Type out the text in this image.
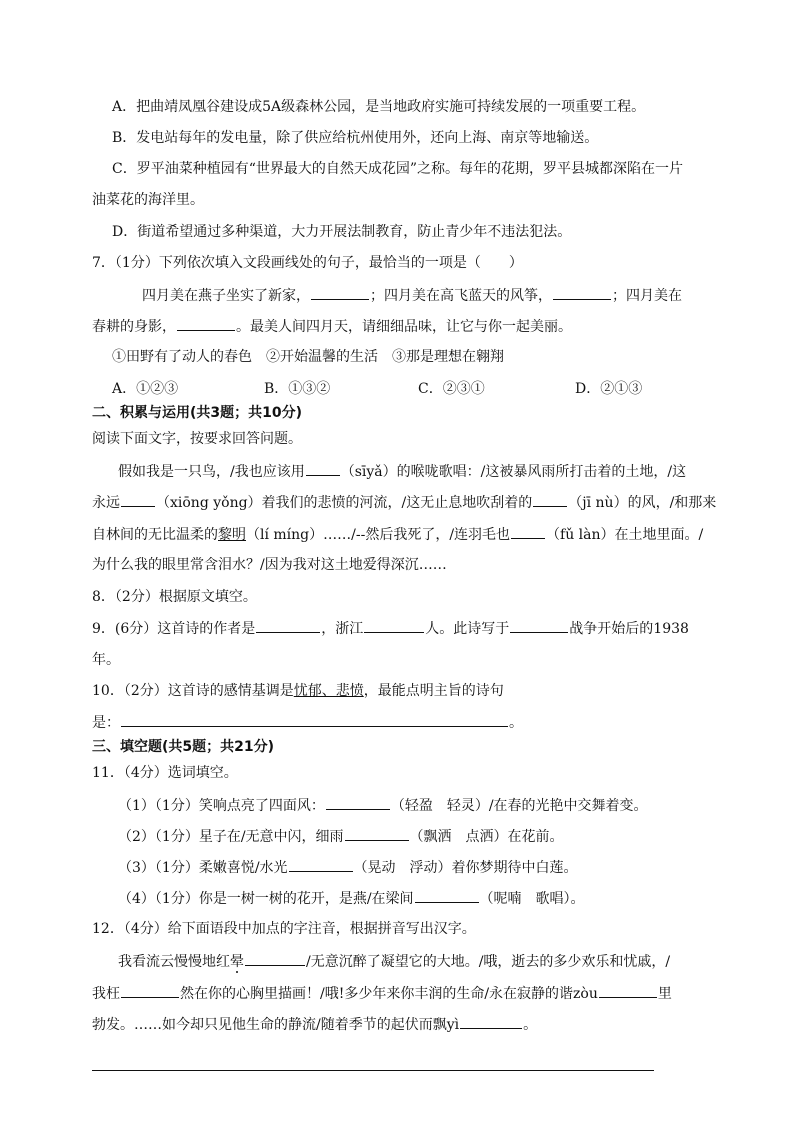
A．把曲靖凤凰谷建设成5A级森林公园，是当地政府实施可持续发展的一项重要工程。
B．发电站每年的发电量，除了供应给杭州使用外，还向上海、南京等地输送。
C．罗平油菜种植园有“世界最大的自然天成花园”之称。每年的花期，罗平县城都深陷在一片
油菜花的海洋里。
D．街道希望通过多种渠道，大力开展法制教育，防止青少年不违法犯法。
7．（1分）下列依次填入文段画线处的句子，最恰当的一项是（　　）
四月美在燕子坐实了新家，	；四月美在高飞蓝天的风筝，	；四月美在
春耕的身影，	。最美人间四月天，请细细品味，让它与你一起美丽。
①田野有了动人的春色　②开始温馨的生活　③那是理想在翱翔
A．①②③	B．①③②	C．②③①	D．②①③
二、积累与运用(共3题；共10分)
阅读下面文字，按要求回答问题。
假如我是一只鸟，/我也应该用	（sīyǎ）的喉咙歌唱：/这被暴风雨所打击着的土地，/这
永远	（xiōng yǒng）着我们的悲愤的河流，/这无止息地吹刮着的	（jī nù）的风，/和那来
自林间的无比温柔的黎明（lí míng）……/--然后我死了，/连羽毛也	（fǔ làn）在土地里面。/
为什么我的眼里常含泪水？/因为我对这土地爱得深沉……
8．（2分）根据原文填空。
9．(6分）这首诗的作者是	，浙江	人。此诗写于	战争开始后的1938
年。
10．（2分）这首诗的感情基调是忧郁、悲愤，最能点明主旨的诗句
是：	。
三、填空题(共5题；共21分)
11．（4分）选词填空。
（1）（1分）笑响点亮了四面风：	（轻盈　轻灵）/在春的光艳中交舞着变。
（2）（1分）星子在/无意中闪，细雨	（飘洒　点洒）在花前。
（3）（1分）柔嫩喜悦/水光	（晃动　浮动）着你梦期待中白莲。
（4）（1分）你是一树一树的花开，是燕/在梁间	（呢喃　歌唱）。
12．（4分）给下面语段中加点的字注音，根据拼音写出汉字。
我看流云慢慢地红晕	/无意沉醉了凝望它的大地。/哦，逝去的多少欢乐和忧戚，/
我枉	然在你的心胸里描画！/哦!多少年来你丰润的生命/永在寂静的谐zòu	里
勃发。……如今却只见他生命的静流/随着季节的起伏而飘yì	。
